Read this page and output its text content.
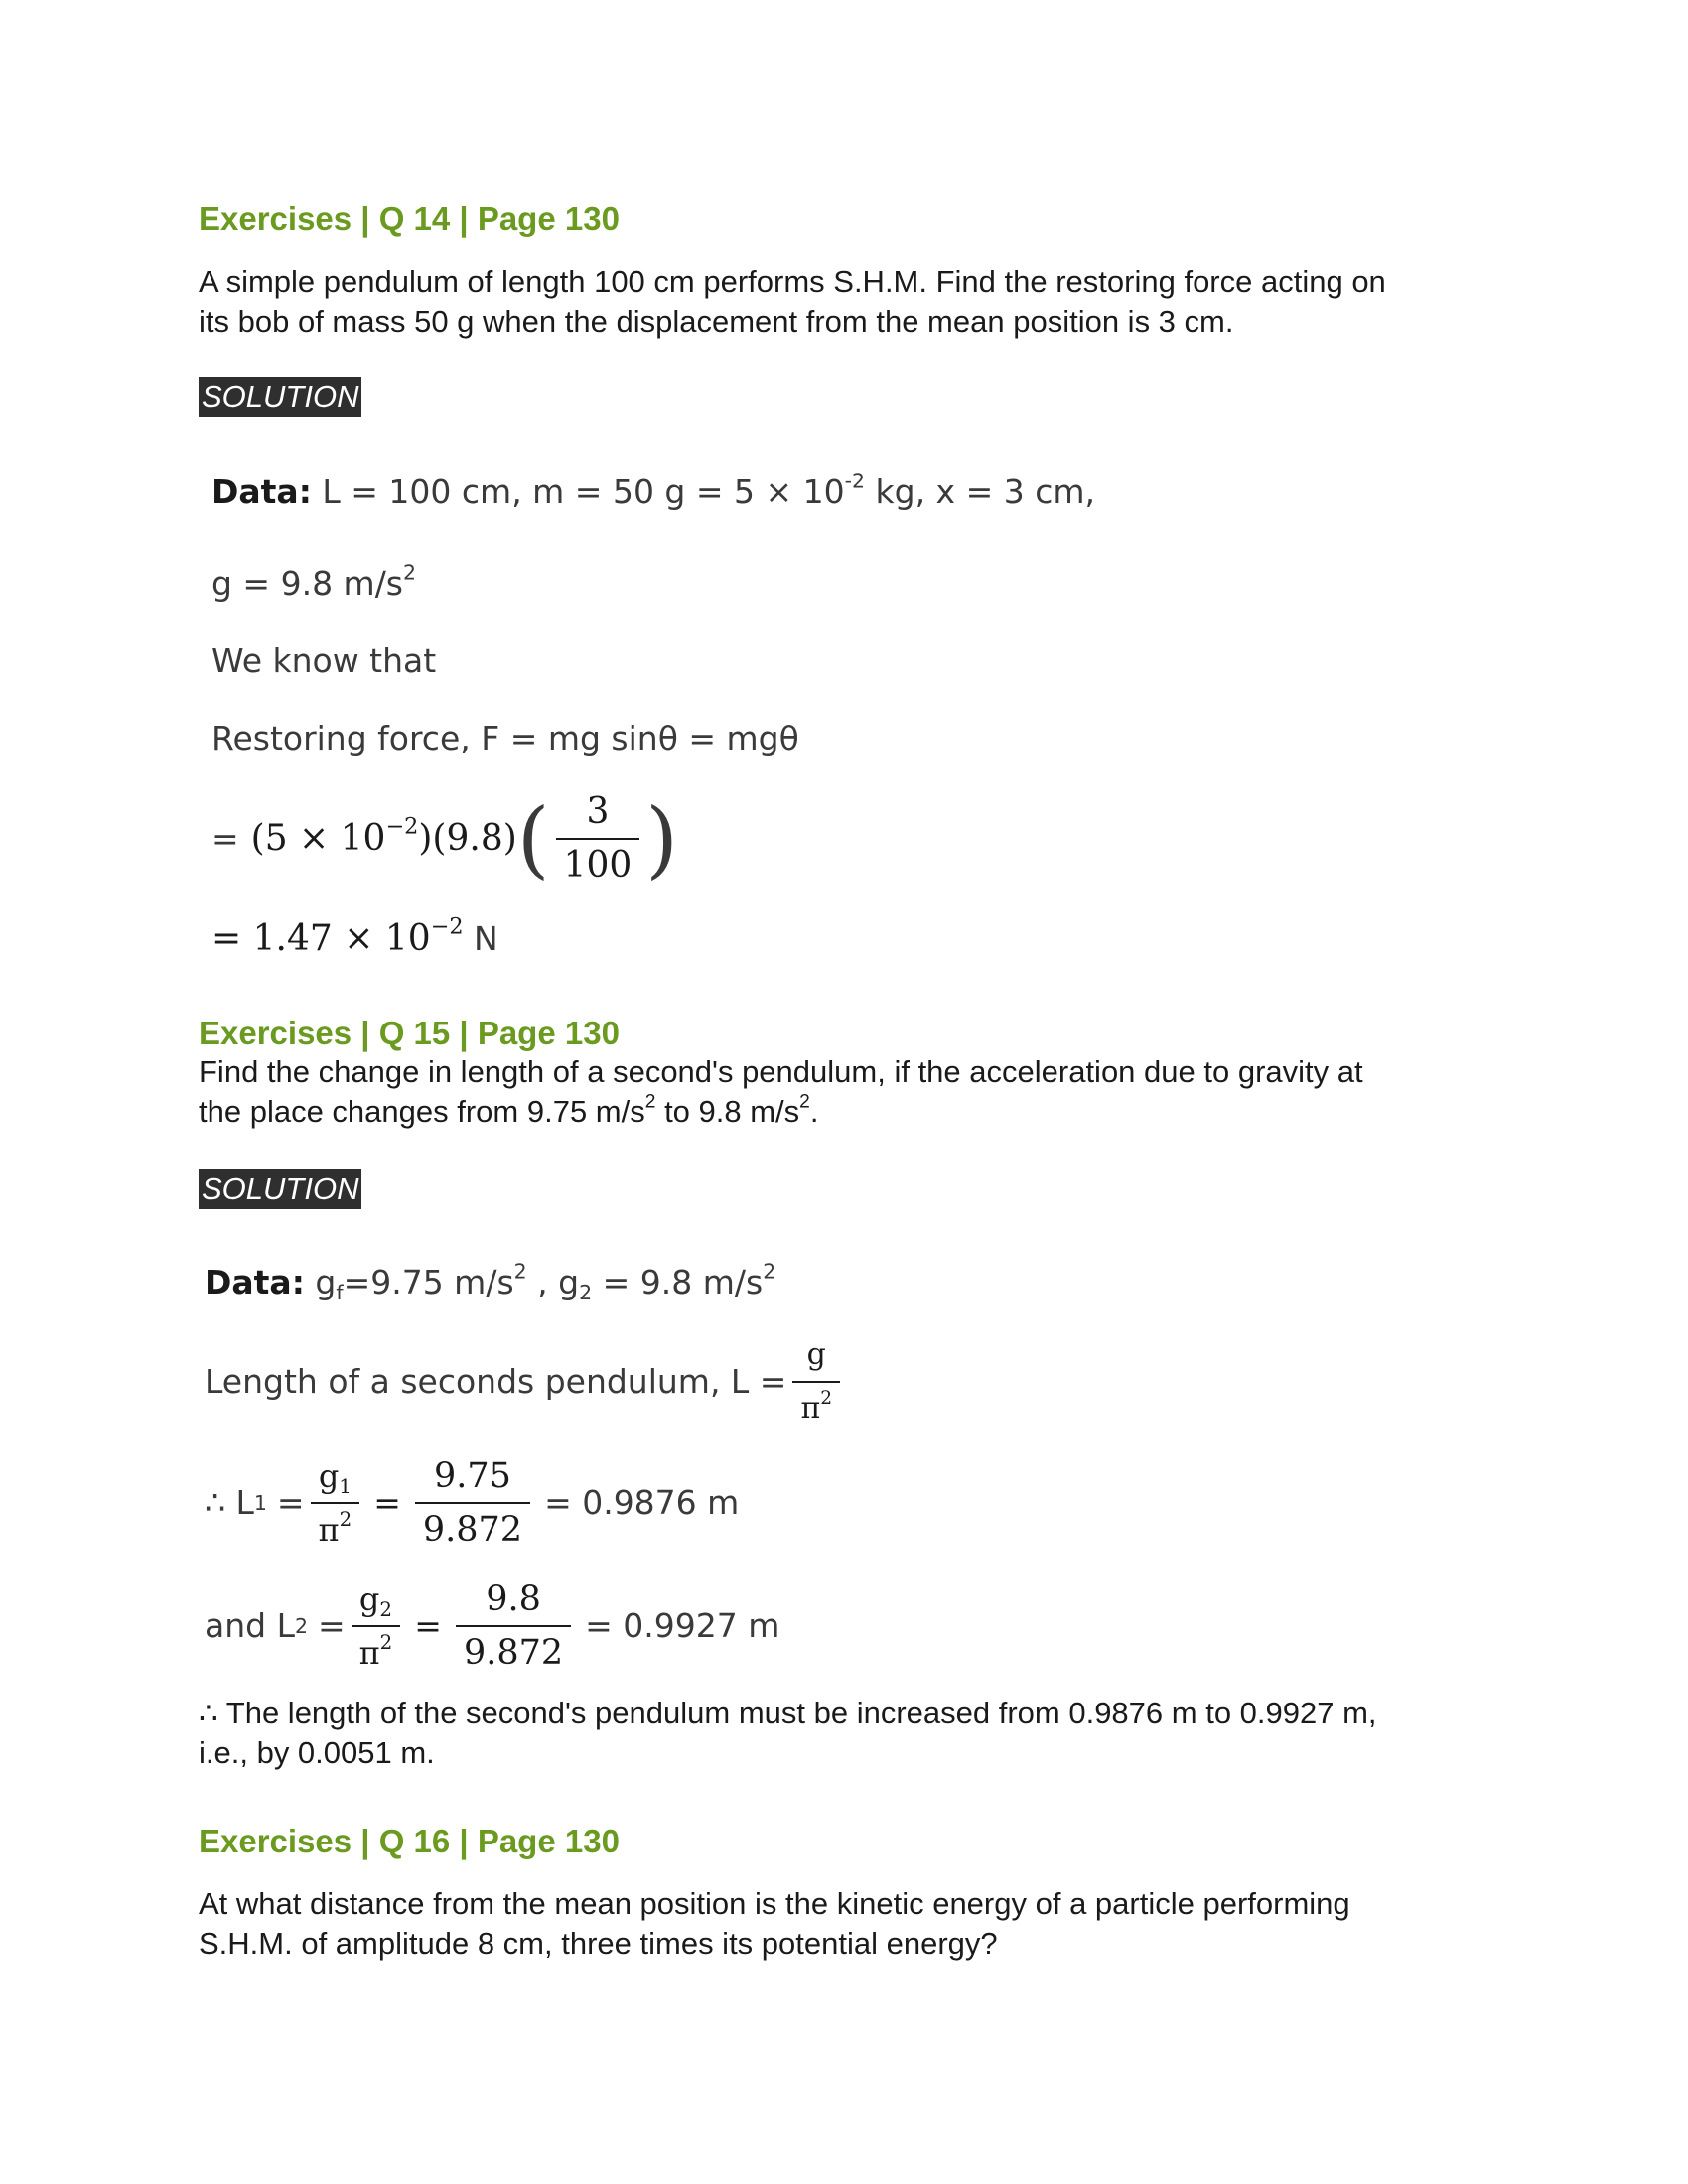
Exercises | Q 14 | Page 130
A simple pendulum of length 100 cm performs S.H.M. Find the restoring force acting on
its bob of mass 50 g when the displacement from the mean position is 3 cm.
SOLUTION
Data: L = 100 cm, m = 50 $g = 5 \times 10^{-2}$ kg, x = 3 cm,
g = 9.8 $m/s^2$
We know that
Restoring force, F = mg sinθ = mgθ
= $(5 \times 10^{-2})(9.8)$ ( $\frac{3}{100}$ )
= $1.47 \times 10^{-2}$ N
Exercises | Q 15 | Page 130
Find the change in length of a second's pendulum, if the acceleration due to gravity at
the place changes from 9.75 $m/s^2$ to 9.8 $m/s^2$.
SOLUTION
Data: $g_f=9.75$ $m/s^2$ , $g_2 = 9.8$ $m/s^2$
Length of a seconds pendulum, $L = \frac{g}{\pi^2}$
∴ L $1 = \frac{g_1}{\pi^2} = \frac{9.75}{9.872} = 0.9876$ m
and L $2 = \frac{g_2}{\pi^2} = \frac{9.8}{9.872} = 0.9927$ m
∴ The length of the second's pendulum must be increased from 0.9876 m to 0.9927 m,
i.e., by 0.0051 m.
Exercises | Q 16 | Page 130
At what distance from the mean position is the kinetic energy of a particle performing
S.H.M. of amplitude 8 cm, three times its potential energy?
